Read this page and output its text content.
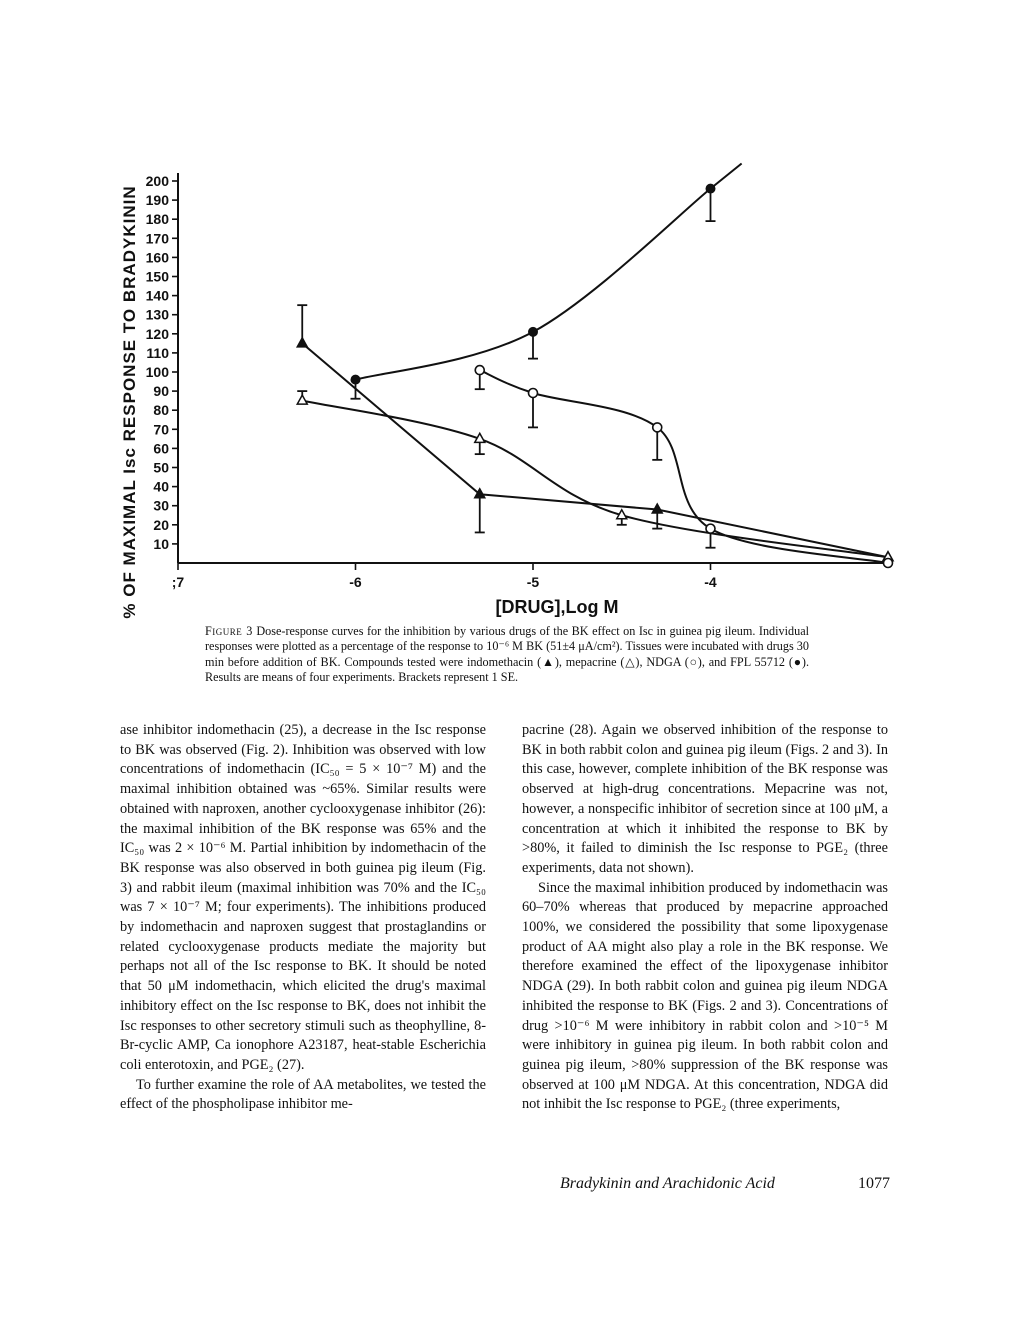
10
20
30
40
50
60
70
80
90
100
110
120
130
140
150
160
170
180
190
200
;7	-6	-5	-4
% OF MAXIMAL Isc RESPONSE TO BRADYKININ	[DRUG],Log M
Figure 3 Dose-response curves for the inhibition by various drugs of the BK effect on Isc in guinea pig ileum. Individual responses were plotted as a percentage of the response to 10⁻⁶ M BK (51±4 μA/cm²). Tissues were incubated with drugs 30 min before addition of BK. Compounds tested were indomethacin (▲), mepacrine (△), NDGA (○), and FPL 55712 (●). Results are means of four experiments. Brackets represent 1 SE.

ase inhibitor indomethacin (25), a decrease in the Isc response to BK was observed (Fig. 2). Inhibition was observed with low concentrations of indomethacin (IC₅₀ = 5 × 10⁻⁷ M) and the maximal inhibition obtained was ~65%. Similar results were obtained with naproxen, another cyclooxygenase inhibitor (26): the maximal inhibition of the BK response was 65% and the IC₅₀ was 2 × 10⁻⁶ M. Partial inhibition by indomethacin of the BK response was also observed in both guinea pig ileum (Fig. 3) and rabbit ileum (maximal inhibition was 70% and the IC₅₀ was 7 × 10⁻⁷ M; four experiments). The inhibitions produced by indomethacin and naproxen suggest that prostaglandins or related cyclooxygenase products mediate the majority but perhaps not all of the Isc response to BK. It should be noted that 50 μM indomethacin, which elicited the drug's maximal inhibitory effect on the Isc response to BK, does not inhibit the Isc responses to other secretory stimuli such as theophylline, 8-Br-cyclic AMP, Ca ionophore A23187, heat-stable Escherichia coli enterotoxin, and PGE₂ (27).

To further examine the role of AA metabolites, we tested the effect of the phospholipase inhibitor me-

pacrine (28). Again we observed inhibition of the response to BK in both rabbit colon and guinea pig ileum (Figs. 2 and 3). In this case, however, complete inhibition of the BK response was observed at high-drug concentrations. Mepacrine was not, however, a nonspecific inhibitor of secretion since at 100 μM, a concentration at which it inhibited the response to BK by >80%, it failed to diminish the Isc response to PGE₂ (three experiments, data not shown).

Since the maximal inhibition produced by indomethacin was 60–70% whereas that produced by mepacrine approached 100%, we considered the possibility that some lipoxygenase product of AA might also play a role in the BK response. We therefore examined the effect of the lipoxygenase inhibitor NDGA (29). In both rabbit colon and guinea pig ileum NDGA inhibited the response to BK (Figs. 2 and 3). Concentrations of drug >10⁻⁶ M were inhibitory in rabbit colon and >10⁻⁵ M were inhibitory in guinea pig ileum. In both rabbit colon and guinea pig ileum, >80% suppression of the BK response was observed at 100 μM NDGA. At this concentration, NDGA did not inhibit the Isc response to PGE₂ (three experiments,

Bradykinin and Arachidonic Acid	1077
